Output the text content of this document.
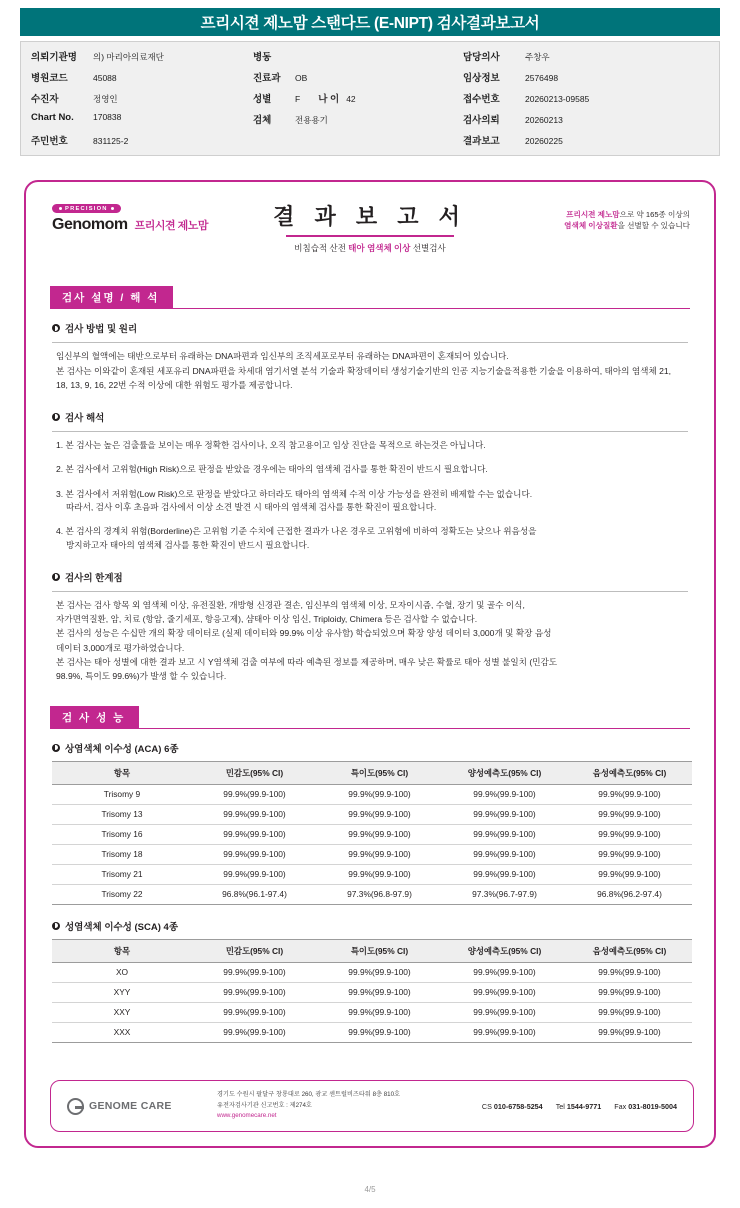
프리시젼 제노맘 스탠다드 (E-NIPT) 검사결과보고서
의뢰기관명	의) 마리아의료재단
병원코드	45088
수진자	정영인
Chart No.	170838
주민번호	831125-2
병동
진료과	OB
성별	F 나 이 42
검체	전용용기
담당의사	주창우
임상정보	2576498
접수번호	20260213-09585
검사의뢰	20260213
결과보고	20260225
PRECISION
Genomom 프리시젼 제노맘	결 과 보 고 서
비침습적 산전 태아 염색체 이상 선별검사
프리시젼 제노맘으로 약 165종 이상의
염색체 이상질환을 선별할 수 있습니다
검사 설명 / 해 석
검사 방법 및 원리
임신부의 혈액에는 태반으로부터 유래하는 DNA파편과 임신부의 조직세포로부터 유래하는 DNA파편이 혼재되어 있습니다.
본 검사는 이와같이 혼재된 세포유리 DNA파편을 차세대 염기서열 분석 기술과 확장데이터 생성기술기반의 인공 지능기술을적용한 기술을 이용하여, 태아의 염색체 21, 18, 13, 9, 16, 22번 수적 이상에 대한 위험도 평가를 제공합니다.
검사 해석
1. 본 검사는 높은 검출률을 보이는 매우 정확한 검사이나, 오직 참고용이고 임상 진단을 목적으로 하는것은 아닙니다.
2. 본 검사에서 고위험(High Risk)으로 판정을 받았을 경우에는 태아의 염색체 검사를 통한 확진이 반드시 필요합니다.
3. 본 검사에서 저위험(Low Risk)으로 판정을 받았다고 하더라도 태아의 염색체 수적 이상 가능성을 완전히 배제할 수는 없습니다.
따라서, 검사 이후 초음파 검사에서 이상 소견 발견 시 태아의 염색체 검사를 통한 확진이 필요합니다.
4. 본 검사의 경계치 위험(Borderline)은 고위험 기준 수치에 근접한 결과가 나온 경우로 고위험에 비하여 정확도는 낮으나 위음성을
방지하고자 태아의 염색체 검사를 통한 확진이 반드시 필요합니다.
검사의 한계점
본 검사는 검사 항목 외 염색체 이상, 유전질환, 개방형 신경관 결손, 임신부의 염색체 이상, 모자이시즘, 수혈, 장기 및 골수 이식,
자가면역질환, 암, 치료 (항암, 줄기세포, 항응고제), 샴태아 이상 임신, Triploidy, Chimera 등은 검사할 수 없습니다.
본 검사의 성능은 수십만 개의 확장 데이터로 (실제 데이터와 99.9% 이상 유사함) 학습되었으며 확장 양성 데이터 3,000개 및 확장 음성
데이터 3,000개로 평가하였습니다.
본 검사는 태아 성별에 대한 결과 보고 시 Y염색체 검출 여부에 따라 예측된 정보를 제공하며, 매우 낮은 확률로 태아 성별 불일치 (민감도
98.9%, 특이도 99.6%)가 발생 할 수 있습니다.
검 사 성 능
상염색체 이수성 (ACA) 6종
항목	민감도(95% CI)	특이도(95% CI)	양성예측도(95% CI)	음성예측도(95% CI)
Trisomy 9	99.9%(99.9-100)	99.9%(99.9-100)	99.9%(99.9-100)	99.9%(99.9-100)
Trisomy 13	99.9%(99.9-100)	99.9%(99.9-100)	99.9%(99.9-100)	99.9%(99.9-100)
Trisomy 16	99.9%(99.9-100)	99.9%(99.9-100)	99.9%(99.9-100)	99.9%(99.9-100)
Trisomy 18	99.9%(99.9-100)	99.9%(99.9-100)	99.9%(99.9-100)	99.9%(99.9-100)
Trisomy 21	99.9%(99.9-100)	99.9%(99.9-100)	99.9%(99.9-100)	99.9%(99.9-100)
Trisomy 22	96.8%(96.1-97.4)	97.3%(96.8-97.9)	97.3%(96.7-97.9)	96.8%(96.2-97.4)
성염색체 이수성 (SCA) 4종
항목	민감도(95% CI)	특이도(95% CI)	양성예측도(95% CI)	음성예측도(95% CI)
XO	99.9%(99.9-100)	99.9%(99.9-100)	99.9%(99.9-100)	99.9%(99.9-100)
XYY	99.9%(99.9-100)	99.9%(99.9-100)	99.9%(99.9-100)	99.9%(99.9-100)
XXY	99.9%(99.9-100)	99.9%(99.9-100)	99.9%(99.9-100)	99.9%(99.9-100)
XXX	99.9%(99.9-100)	99.9%(99.9-100)	99.9%(99.9-100)	99.9%(99.9-100)
GENOME CARE
경기도 수원시 팔달구 창룡대로 260, 광교 센트럴비즈타워 8층 810호
유전자검사기관 신고번호 : 제274호
www.genomecare.net
CS 010-6758-5254 Tel 1544-9771 Fax 031-8019-5004
4/5
